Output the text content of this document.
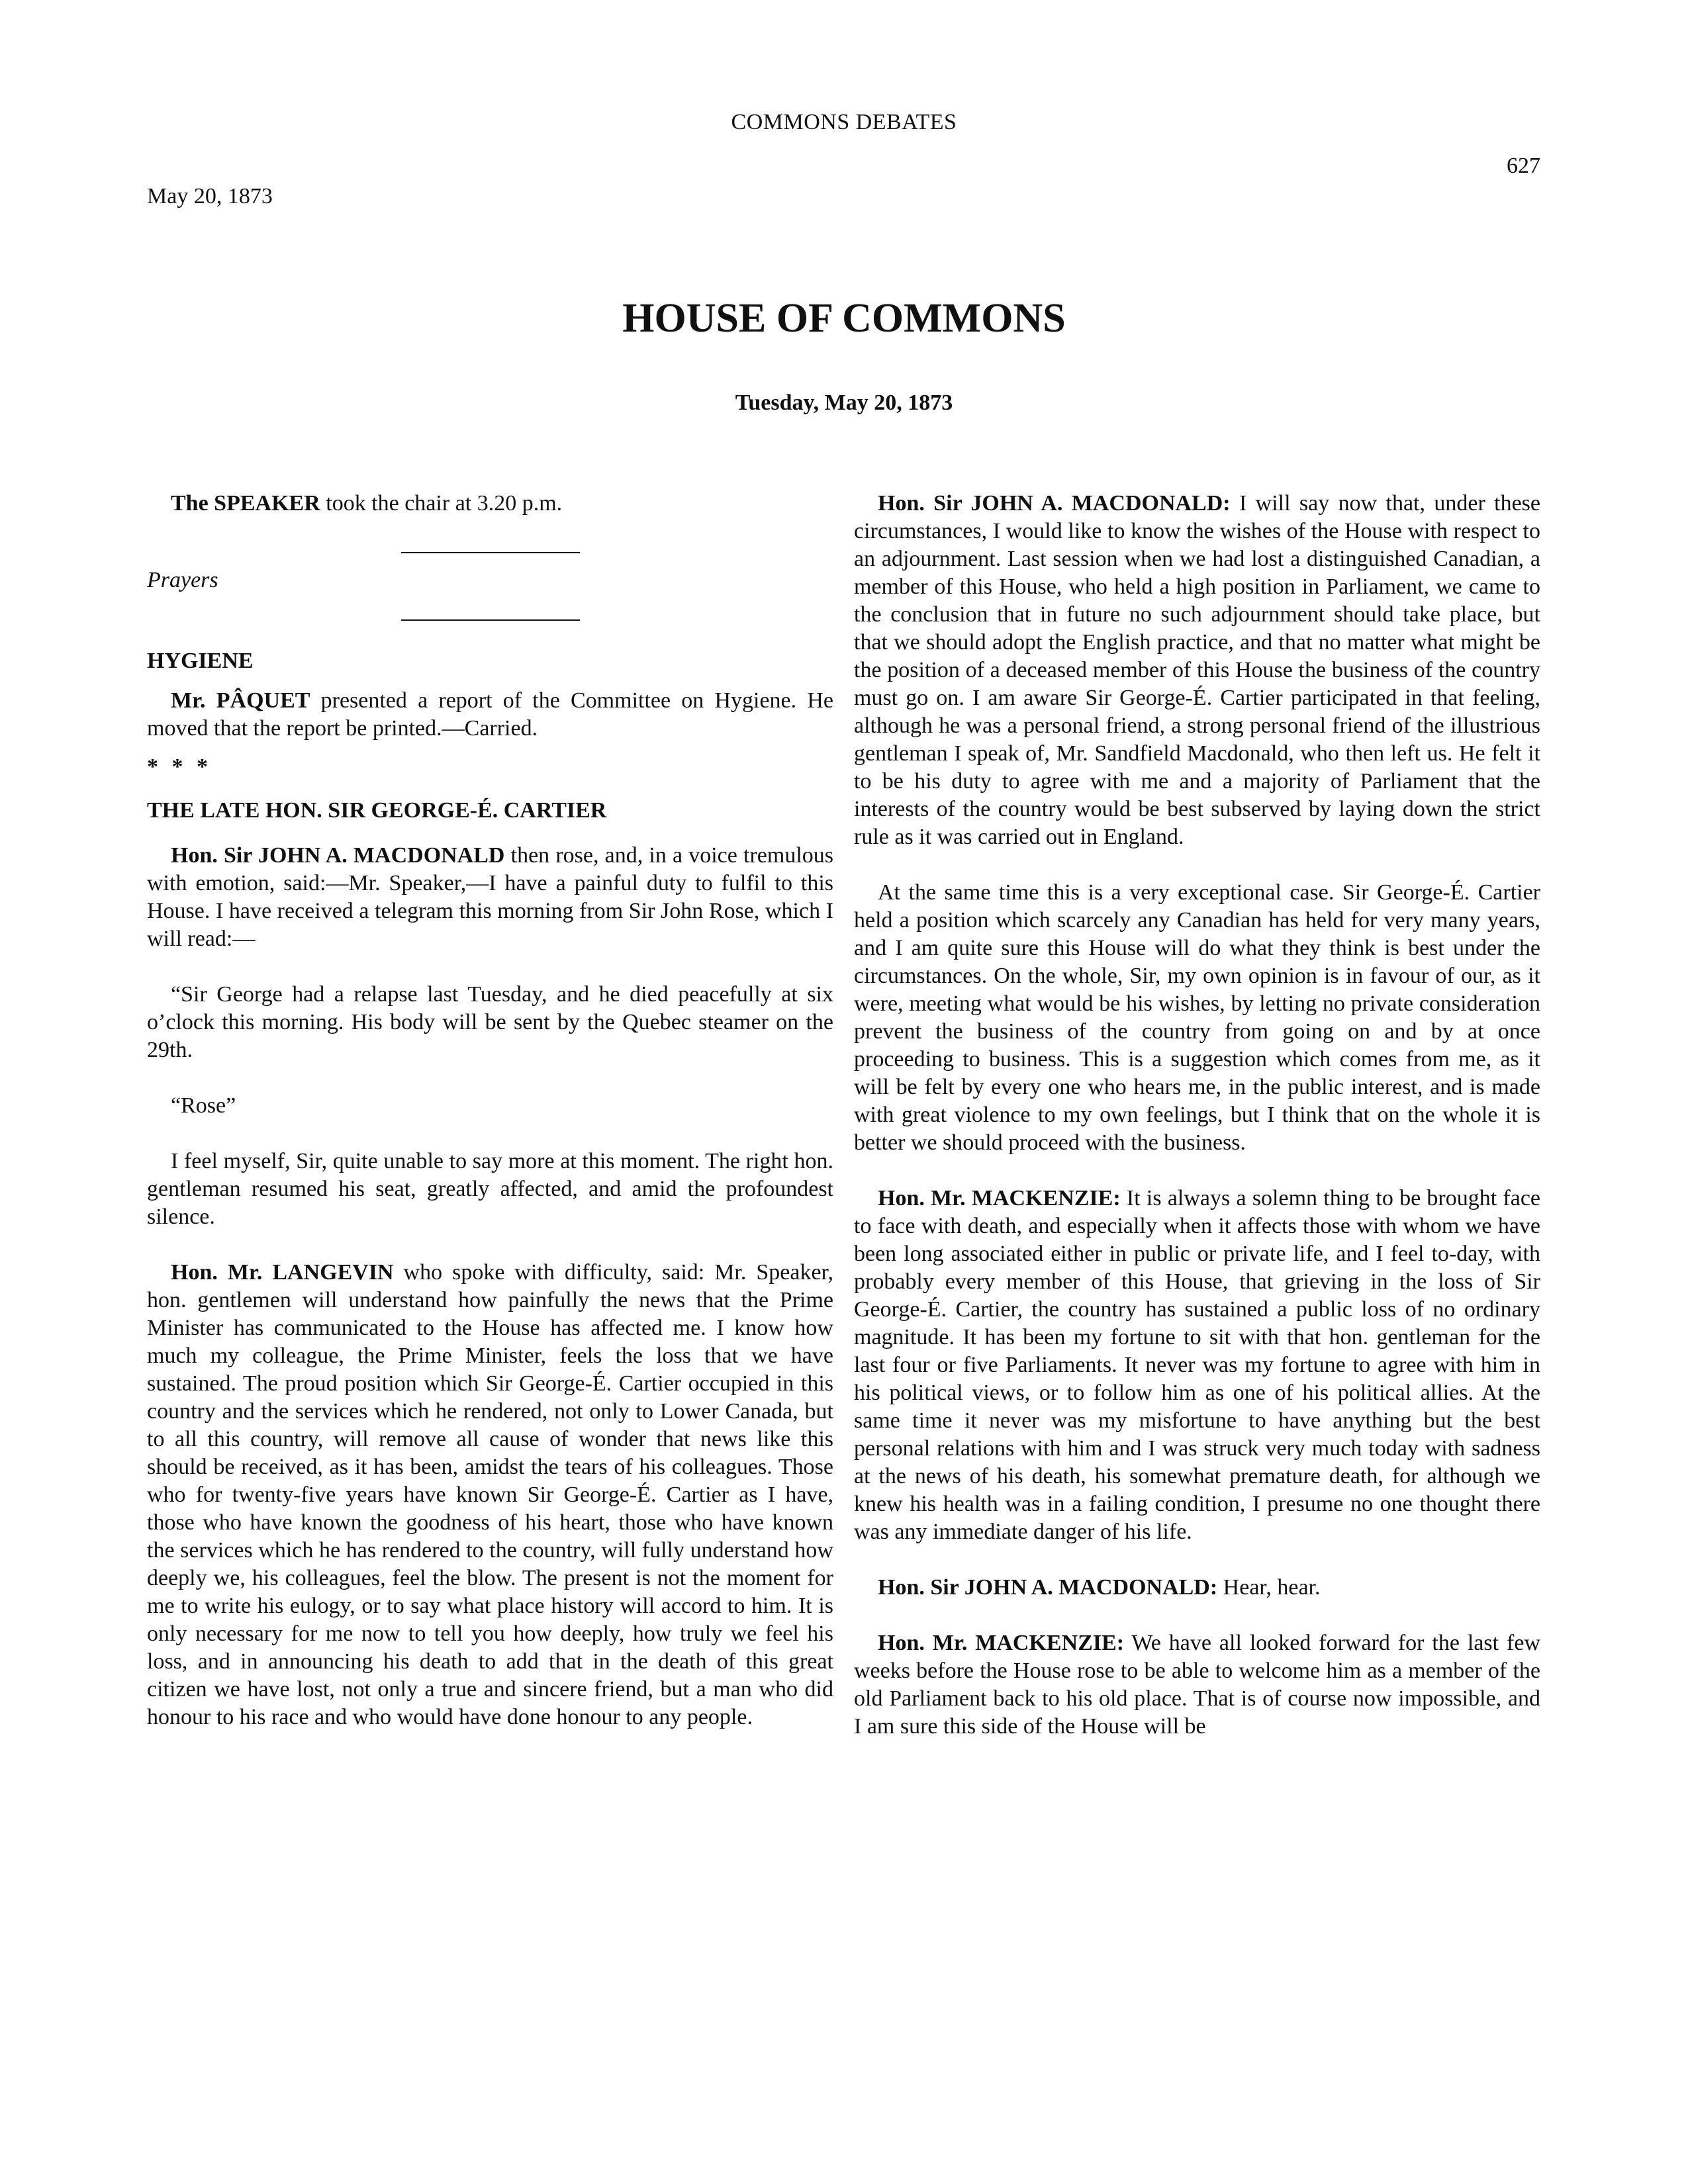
COMMONS DEBATES
627
May 20, 1873
HOUSE OF COMMONS
Tuesday, May 20, 1873

The SPEAKER took the chair at 3.20 p.m.

Prayers

HYGIENE

Mr. PÂQUET presented a report of the Committee on Hygiene. He moved that the report be printed.—Carried.

* * *

THE LATE HON. SIR GEORGE-É. CARTIER

Hon. Sir JOHN A. MACDONALD then rose, and, in a voice tremulous with emotion, said:—Mr. Speaker,—I have a painful duty to fulfil to this House. I have received a telegram this morning from Sir John Rose, which I will read:—

“Sir George had a relapse last Tuesday, and he died peacefully at six o’clock this morning. His body will be sent by the Quebec steamer on the 29th.

“Rose”

I feel myself, Sir, quite unable to say more at this moment. The right hon. gentleman resumed his seat, greatly affected, and amid the profoundest silence.

Hon. Mr. LANGEVIN who spoke with difficulty, said: Mr. Speaker, hon. gentlemen will understand how painfully the news that the Prime Minister has communicated to the House has affected me. I know how much my colleague, the Prime Minister, feels the loss that we have sustained. The proud position which Sir George-É. Cartier occupied in this country and the services which he rendered, not only to Lower Canada, but to all this country, will remove all cause of wonder that news like this should be received, as it has been, amidst the tears of his colleagues. Those who for twenty-five years have known Sir George-É. Cartier as I have, those who have known the goodness of his heart, those who have known the services which he has rendered to the country, will fully understand how deeply we, his colleagues, feel the blow. The present is not the moment for me to write his eulogy, or to say what place history will accord to him. It is only necessary for me now to tell you how deeply, how truly we feel his loss, and in announcing his death to add that in the death of this great citizen we have lost, not only a true and sincere friend, but a man who did honour to his race and who would have done honour to any people.

Hon. Sir JOHN A. MACDONALD: I will say now that, under these circumstances, I would like to know the wishes of the House with respect to an adjournment. Last session when we had lost a distinguished Canadian, a member of this House, who held a high position in Parliament, we came to the conclusion that in future no such adjournment should take place, but that we should adopt the English practice, and that no matter what might be the position of a deceased member of this House the business of the country must go on. I am aware Sir George-É. Cartier participated in that feeling, although he was a personal friend, a strong personal friend of the illustrious gentleman I speak of, Mr. Sandfield Macdonald, who then left us. He felt it to be his duty to agree with me and a majority of Parliament that the interests of the country would be best subserved by laying down the strict rule as it was carried out in England.

At the same time this is a very exceptional case. Sir George-É. Cartier held a position which scarcely any Canadian has held for very many years, and I am quite sure this House will do what they think is best under the circumstances. On the whole, Sir, my own opinion is in favour of our, as it were, meeting what would be his wishes, by letting no private consideration prevent the business of the country from going on and by at once proceeding to business. This is a suggestion which comes from me, as it will be felt by every one who hears me, in the public interest, and is made with great violence to my own feelings, but I think that on the whole it is better we should proceed with the business.

Hon. Mr. MACKENZIE: It is always a solemn thing to be brought face to face with death, and especially when it affects those with whom we have been long associated either in public or private life, and I feel to-day, with probably every member of this House, that grieving in the loss of Sir George-É. Cartier, the country has sustained a public loss of no ordinary magnitude. It has been my fortune to sit with that hon. gentleman for the last four or five Parliaments. It never was my fortune to agree with him in his political views, or to follow him as one of his political allies. At the same time it never was my misfortune to have anything but the best personal relations with him and I was struck very much today with sadness at the news of his death, his somewhat premature death, for although we knew his health was in a failing condition, I presume no one thought there was any immediate danger of his life.

Hon. Sir JOHN A. MACDONALD: Hear, hear.

Hon. Mr. MACKENZIE: We have all looked forward for the last few weeks before the House rose to be able to welcome him as a member of the old Parliament back to his old place. That is of course now impossible, and I am sure this side of the House will be
